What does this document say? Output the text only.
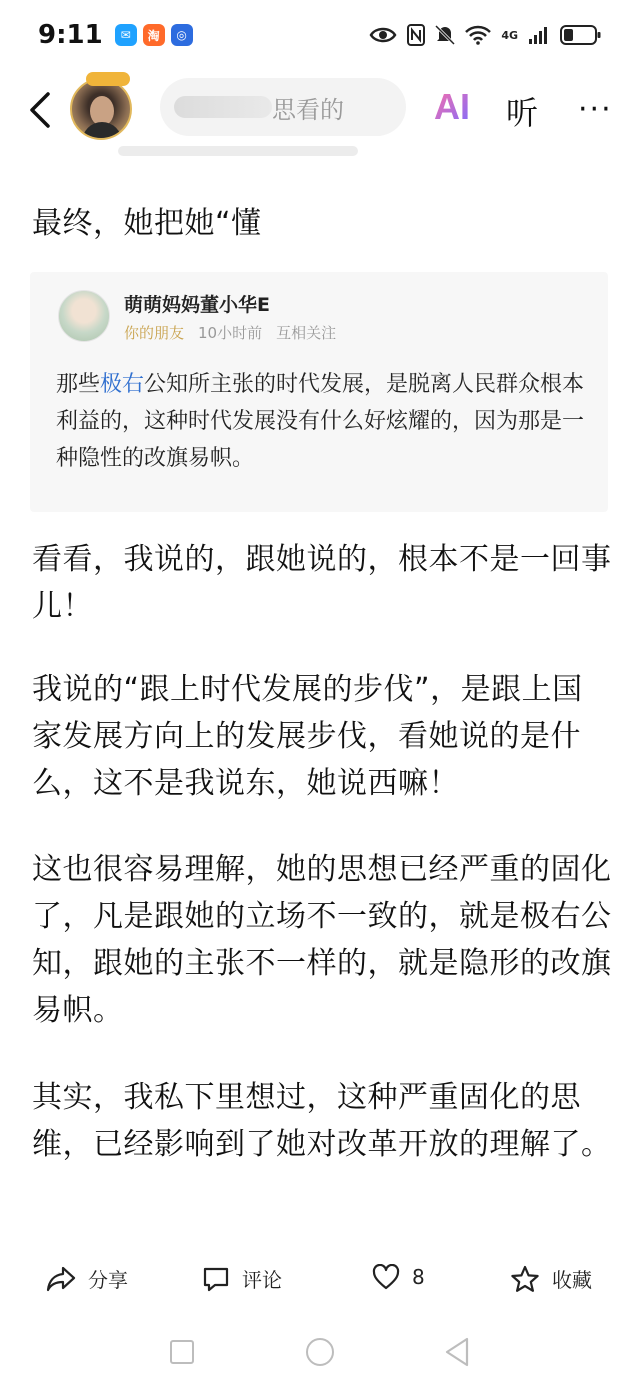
9:11	✉	淘	◎	4G
思看的	AI 听 ···
最终，她把她“懂
萌萌妈妈董小华E
你的朋友 10小时前 互相关注
那些极右公知所主张的时代发展，是脱离人民群众根本利益的，这种时代发展没有什么好炫耀的，因为那是一种隐性的改旗易帜。
看看，我说的，跟她说的，根本不是一回事儿！
我说的“跟上时代发展的步伐”，是跟上国家发展方向上的发展步伐，看她说的是什么，这不是我说东，她说西嘛！
这也很容易理解，她的思想已经严重的固化了，凡是跟她的立场不一致的，就是极右公知，跟她的主张不一样的，就是隐形的改旗易帜。
其实，我私下里想过，这种严重固化的思维，已经影响到了她对改革开放的理解了。
分享	评论	8	收藏
